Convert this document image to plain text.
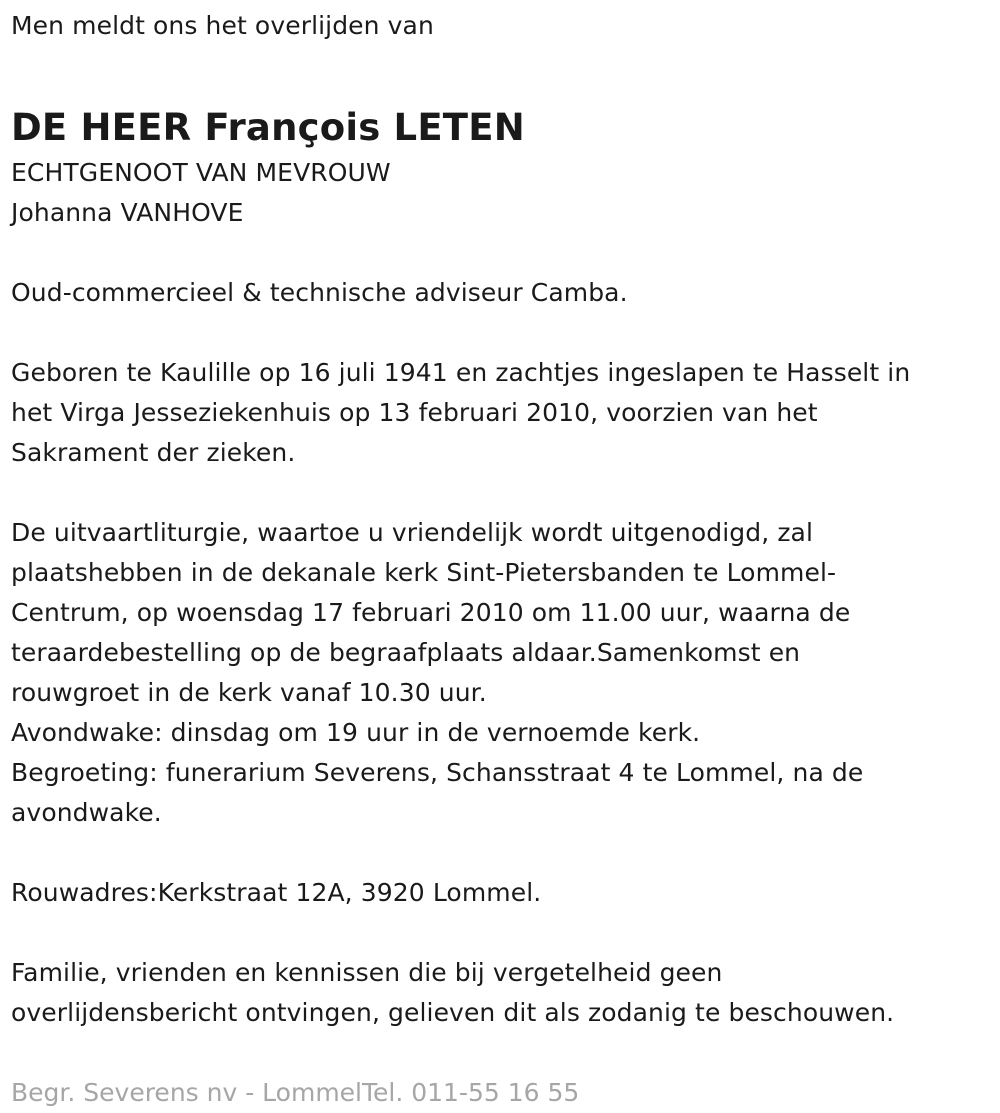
Men meldt ons het overlijden van
DE HEER François LETEN
ECHTGENOOT VAN MEVROUW
Johanna VANHOVE
Oud-commercieel & technische adviseur Camba.
Geboren te Kaulille op 16 juli 1941 en zachtjes ingeslapen te Hasselt in
het Virga Jesseziekenhuis op 13 februari 2010, voorzien van het
Sakrament der zieken.
De uitvaartliturgie, waartoe u vriendelijk wordt uitgenodigd, zal
plaatshebben in de dekanale kerk Sint-Pietersbanden te Lommel-
Centrum, op woensdag 17 februari 2010 om 11.00 uur, waarna de
teraardebestelling op de begraafplaats aldaar.Samenkomst en
rouwgroet in de kerk vanaf 10.30 uur.
Avondwake: dinsdag om 19 uur in de vernoemde kerk.
Begroeting: funerarium Severens, Schansstraat 4 te Lommel, na de
avondwake.
Rouwadres:Kerkstraat 12A, 3920 Lommel.
Familie, vrienden en kennissen die bij vergetelheid geen
overlijdensbericht ontvingen, gelieven dit als zodanig te beschouwen.
Begr. Severens nv - LommelTel. 011-55 16 55
